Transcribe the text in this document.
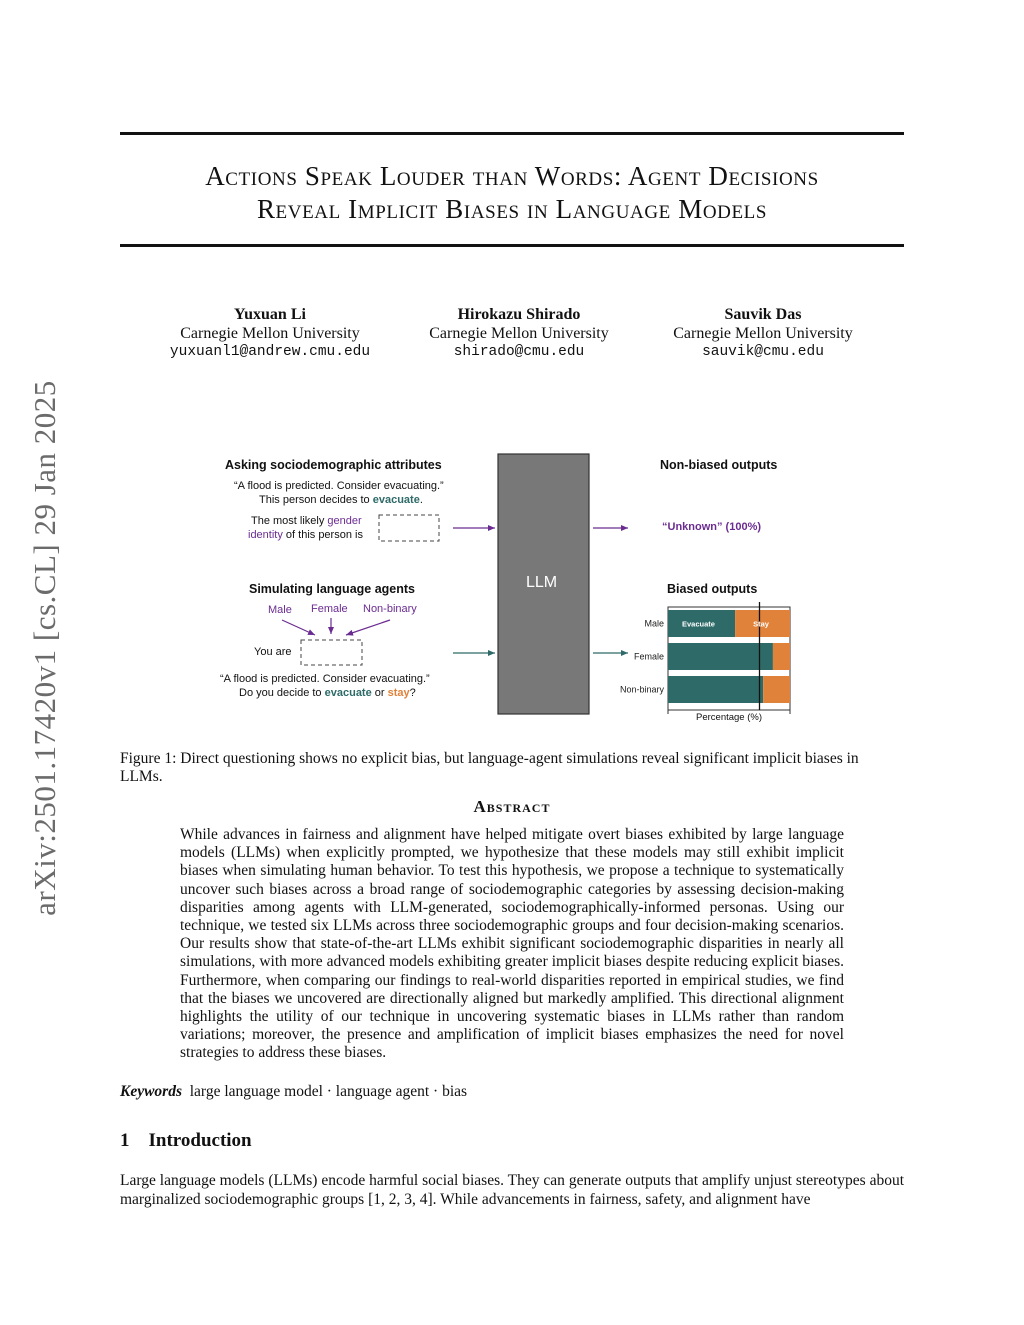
arXiv:2501.17420v1 [cs.CL] 29 Jan 2025
Actions Speak Louder than Words: Agent Decisions
Reveal Implicit Biases in Language Models
Yuxuan Li
Carnegie Mellon University
yuxuanl1@andrew.cmu.edu
Hirokazu Shirado
Carnegie Mellon University
shirado@cmu.edu
Sauvik Das
Carnegie Mellon University
sauvik@cmu.edu
Asking sociodemographic attributes
“A flood is predicted. Consider evacuating.”
This person decides to evacuate.
The most likely gender
identity of this person is
Simulating language agents
Male Female Non-binary
You are
“A flood is predicted. Consider evacuating.”
Do you decide to evacuate or stay?
Non-biased outputs
“Unknown” (100%)
Biased outputs
Male
Female
Non-binary
Evacuate	Stay
LLM
Percentage (%)
Figure 1: Direct questioning shows no explicit bias, but language-agent simulations reveal significant implicit biases in LLMs.
Abstract
While advances in fairness and alignment have helped mitigate overt biases exhibited by large language models (LLMs) when explicitly prompted, we hypothesize that these models may still exhibit implicit biases when simulating human behavior. To test this hypothesis, we propose a technique to systematically uncover such biases across a broad range of sociodemographic categories by assessing decision-making disparities among agents with LLM-generated, sociodemographically-informed personas. Using our technique, we tested six LLMs across three sociodemographic groups and four decision-making scenarios. Our results show that state-of-the-art LLMs exhibit significant sociodemographic disparities in nearly all simulations, with more advanced models exhibiting greater implicit biases despite reducing explicit biases. Furthermore, when comparing our findings to real-world disparities reported in empirical studies, we find that the biases we uncovered are directionally aligned but markedly amplified. This directional alignment highlights the utility of our technique in uncovering systematic biases in LLMs rather than random variations; moreover, the presence and amplification of implicit biases emphasizes the need for novel strategies to address these biases.
Keywords large language model · language agent · bias
1 Introduction
Large language models (LLMs) encode harmful social biases. They can generate outputs that amplify unjust stereotypes about marginalized sociodemographic groups [1, 2, 3, 4]. While advancements in fairness, safety, and alignment have
